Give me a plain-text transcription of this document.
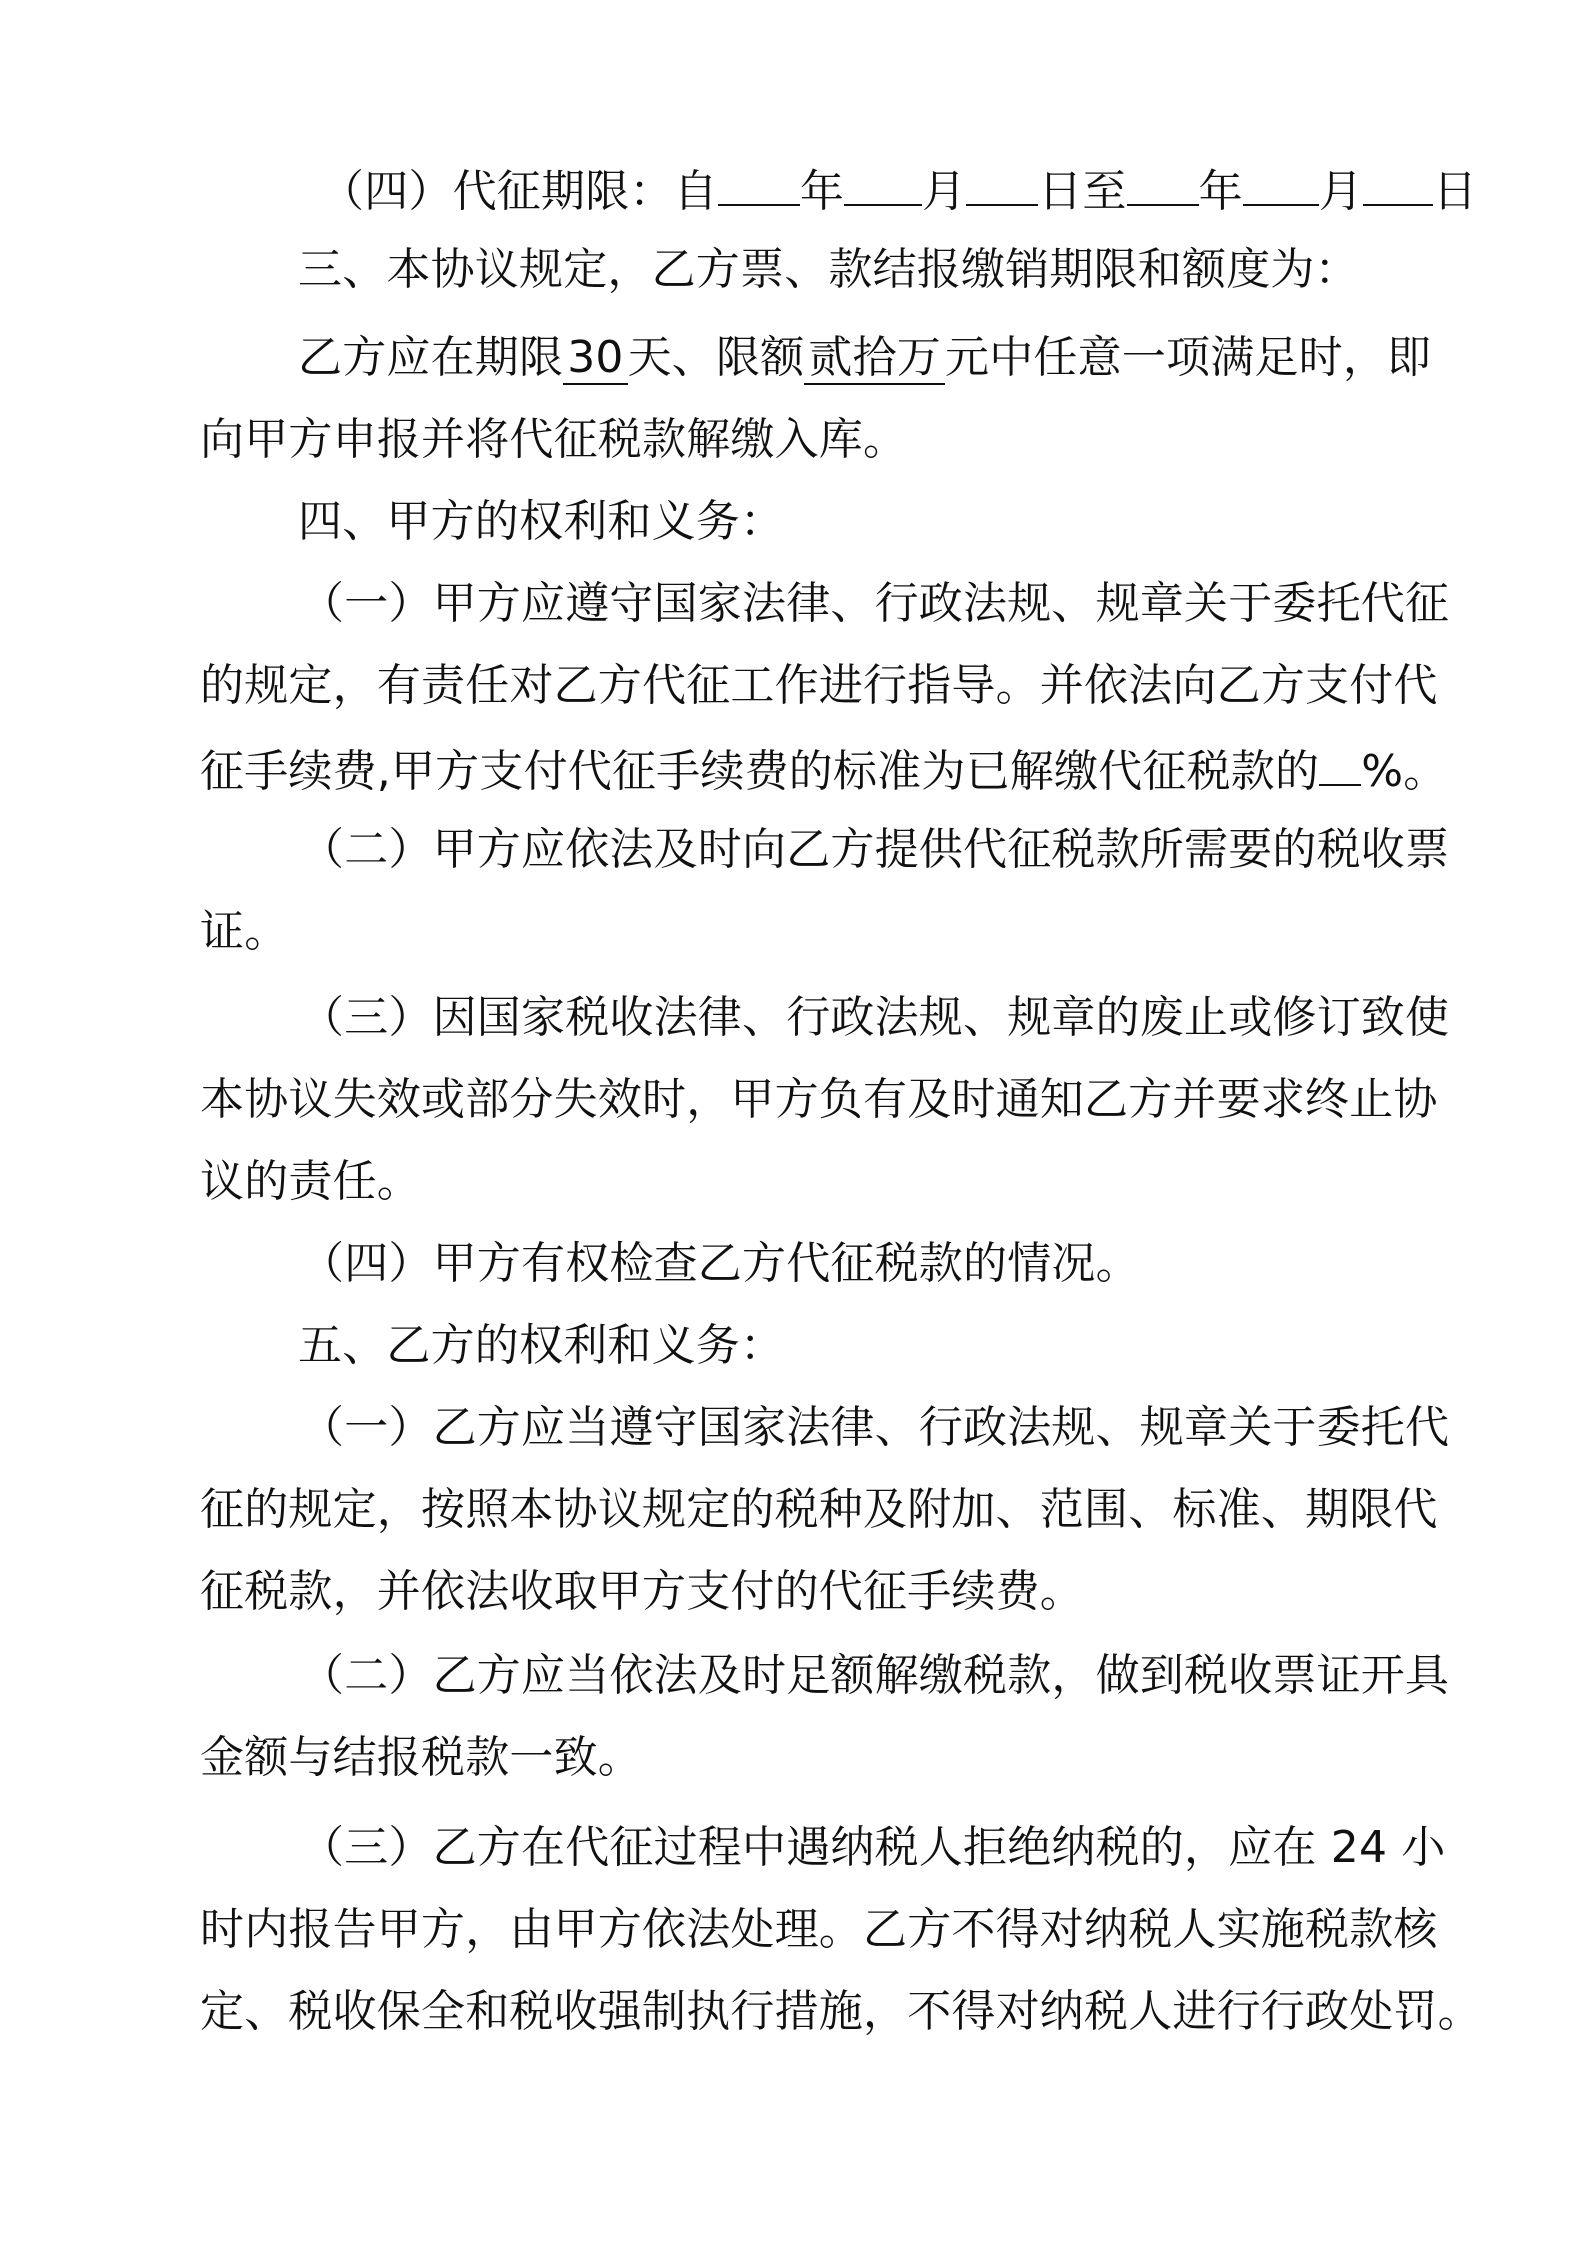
（四）代征期限：自 年 月 日至 年 月 日
三、本协议规定，乙方票、款结报缴销期限和额度为：
乙方应在期限30天、限额贰拾万元中任意一项满足时，即
向甲方申报并将代征税款解缴入库。
四、甲方的权利和义务：
（一）甲方应遵守国家法律、行政法规、规章关于委托代征
的规定，有责任对乙方代征工作进行指导。并依法向乙方支付代
征手续费,甲方支付代征手续费的标准为已解缴代征税款的 %。
（二）甲方应依法及时向乙方提供代征税款所需要的税收票
证。
（三）因国家税收法律、行政法规、规章的废止或修订致使
本协议失效或部分失效时，甲方负有及时通知乙方并要求终止协
议的责任。
（四）甲方有权检查乙方代征税款的情况。
五、乙方的权利和义务：
（一）乙方应当遵守国家法律、行政法规、规章关于委托代
征的规定，按照本协议规定的税种及附加、范围、标准、期限代
征税款，并依法收取甲方支付的代征手续费。
（二）乙方应当依法及时足额解缴税款，做到税收票证开具
金额与结报税款一致。
（三）乙方在代征过程中遇纳税人拒绝纳税的，应在 24 小
时内报告甲方，由甲方依法处理。乙方不得对纳税人实施税款核
定、税收保全和税收强制执行措施，不得对纳税人进行行政处罚。
